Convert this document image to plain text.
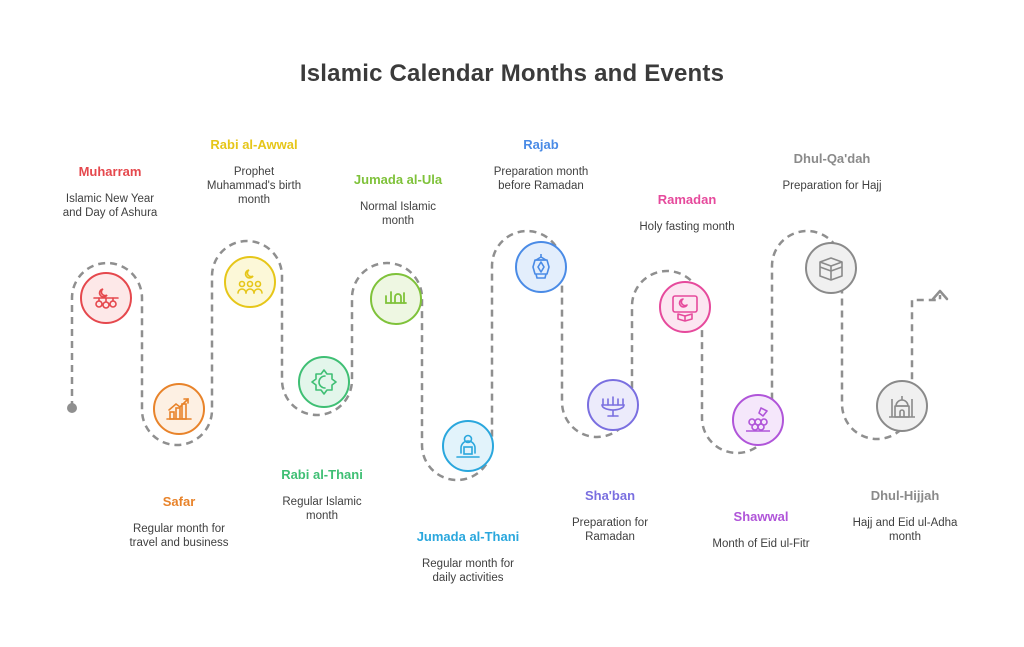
Islamic Calendar Months and Events
Muharram
Islamic New Year and Day of Ashura
Safar
Regular month for travel and business
Rabi al-Awwal
Prophet Muhammad's birth month
Rabi al-Thani
Regular Islamic month
Jumada al-Ula
Normal Islamic month
Jumada al-Thani
Regular month for daily activities
Rajab
Preparation month before Ramadan
Sha'ban
Preparation for Ramadan
Ramadan
Holy fasting month
Shawwal
Month of Eid ul-Fitr
Dhul-Qa'dah
Preparation for Hajj
Dhul-Hijjah
Hajj and Eid ul-Adha month
